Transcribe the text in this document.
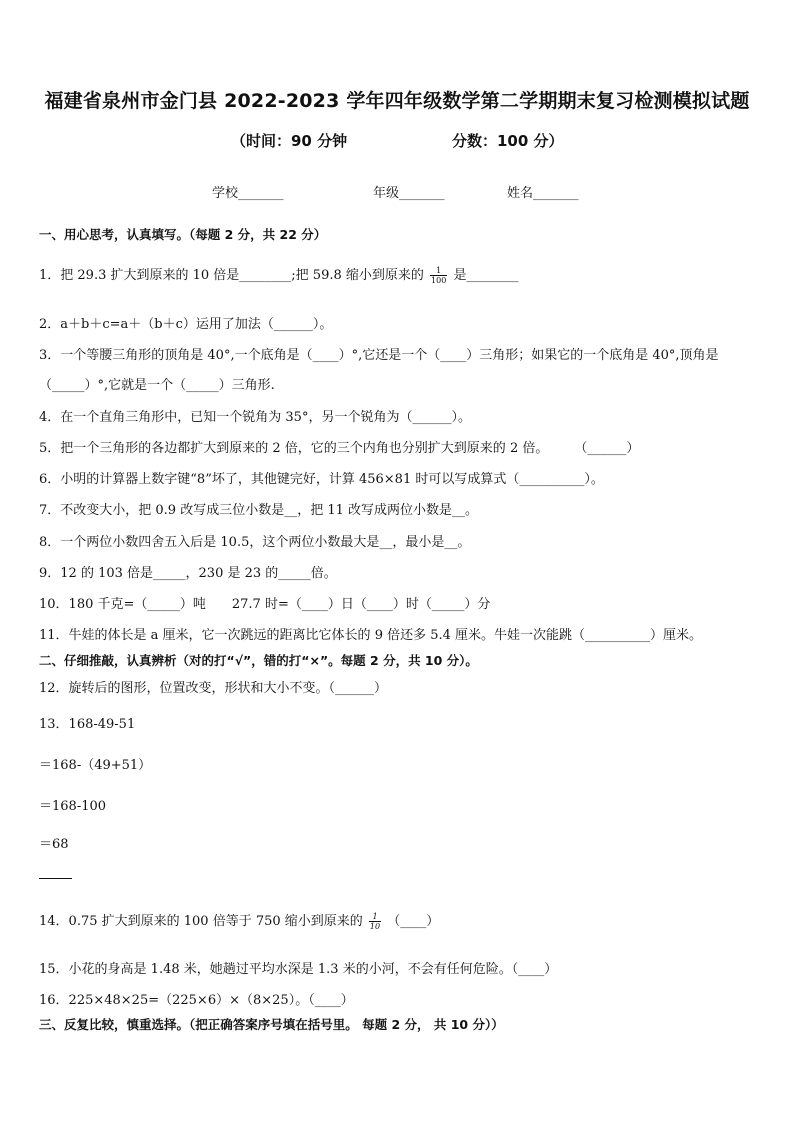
福建省泉州市金门县 2022-2023 学年四年级数学第二学期期末复习检测模拟试题
（时间：90 分钟	分数：100 分）
学校_______	年级_______	姓名_______
一、用心思考，认真填写。（每题 2 分，共 22 分）
1．把 29.3 扩大到原来的 10 倍是________;把 59.8 缩小到原来的 $\frac{1}{100}$ 是________
2．a＋b＋c=a＋（b＋c）运用了加法（______）。
3．一个等腰三角形的顶角是 40°,一个底角是（____）°,它还是一个（____）三角形；如果它的一个底角是 40°,顶角是
（_____）°,它就是一个（_____）三角形.
4．在一个直角三角形中，已知一个锐角为 35°，另一个锐角为（______）。
5．把一个三角形的各边都扩大到原来的 2 倍，它的三个内角也分别扩大到原来的 2 倍。　　　（______）
6．小明的计算器上数字键“8”坏了，其他键完好，计算 456×81 时可以写成算式（__________）。
7．不改变大小，把 0.9 改写成三位小数是__，把 11 改写成两位小数是__。
8．一个两位小数四舍五入后是 10.5，这个两位小数最大是__，最小是__。
9．12 的 103 倍是_____，230 是 23 的_____倍。
10．180 千克=（_____）吨　　27.7 时=（____）日（____）时（_____）分
11．牛娃的体长是 a 厘米，它一次跳远的距离比它体长的 9 倍还多 5.4 厘米。牛娃一次能跳（__________）厘米。
二、仔细推敲，认真辨析（对的打“√”，错的打“×”。每题 2 分，共 10 分）。
12．旋转后的图形，位置改变，形状和大小不变。（______）
13．168-49-51
＝168-（49+51）
＝168-100
＝68
14．0.75 扩大到原来的 100 倍等于 750 缩小到原来的 $\frac{1}{10}$ （____）
15．小花的身高是 1.48 米，她趟过平均水深是 1.3 米的小河，不会有任何危险。（____）
16．225×48×25=（225×6）×（8×25）。（____）
三、反复比较，慎重选择。（把正确答案序号填在括号里。 每题 2 分， 共 10 分））
